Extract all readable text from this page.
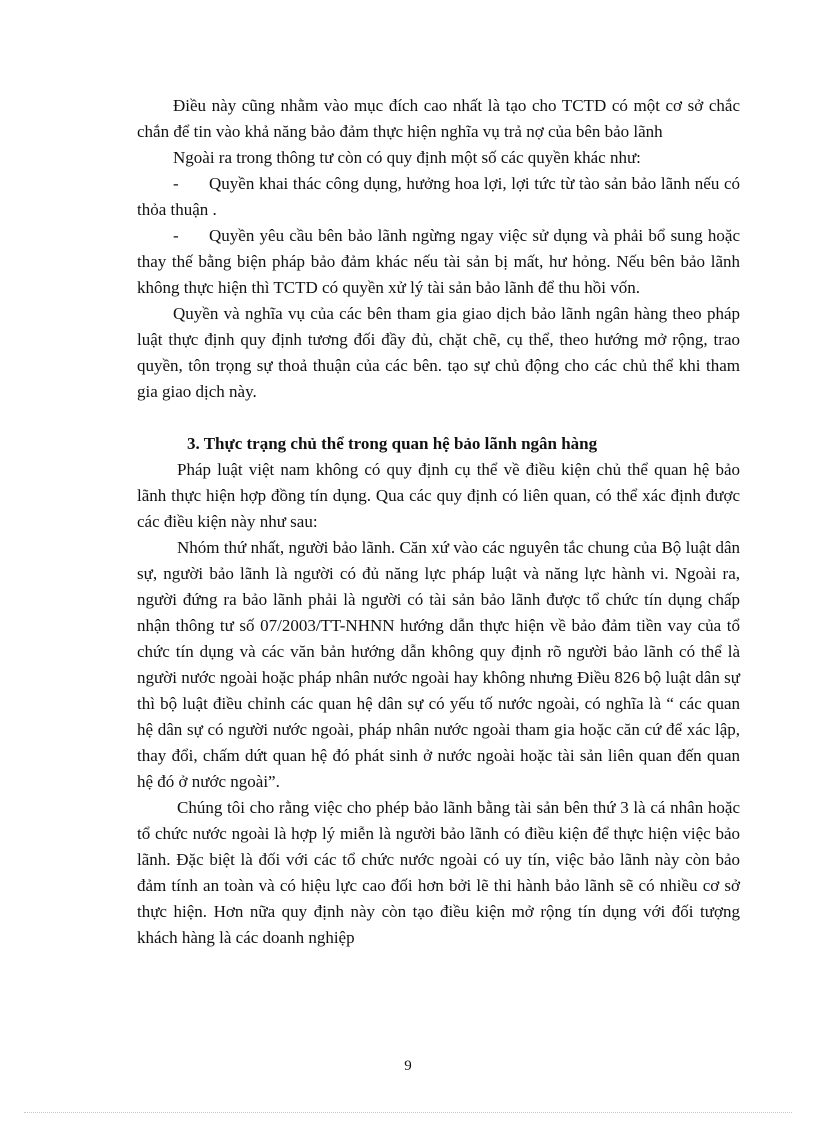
Điều này cũng nhằm vào mục đích cao nhất là tạo cho TCTD có một cơ sở chắc chắn để tin vào khả năng bảo đảm thực hiện nghĩa vụ trả nợ của bên bảo lãnh

Ngoài ra trong thông tư còn có quy định một số các quyền khác như:

- Quyền khai thác công dụng, hưởng hoa lợi, lợi tức từ tào sản bảo lãnh nếu có thỏa thuận .

- Quyền yêu cầu bên bảo lãnh ngừng ngay việc sử dụng và phải bổ sung hoặc thay thế bằng biện pháp bảo đảm khác nếu tài sản bị mất, hư hỏng. Nếu bên bảo lãnh không thực hiện thì TCTD có quyền xử lý tài sản bảo lãnh để thu hồi vốn.

Quyền và nghĩa vụ của các bên tham gia giao dịch bảo lãnh ngân hàng theo pháp luật thực định quy định tương đối đầy đủ, chặt chẽ, cụ thể, theo hướng mở rộng, trao quyền, tôn trọng sự thoả thuận của các bên. tạo sự chủ động cho các chủ thể khi tham gia giao dịch này.

3. Thực trạng chủ thể trong quan hệ bảo lãnh ngân hàng

Pháp luật việt nam không có quy định cụ thể về điều kiện chủ thể quan hệ bảo lãnh thực hiện hợp đồng tín dụng. Qua các quy định có liên quan, có thể xác định được các điều kiện này như sau:

Nhóm thứ nhất, người bảo lãnh. Căn xứ vào các nguyên tắc chung của Bộ luật dân sự, người bảo lãnh là người có đủ năng lực pháp luật và năng lực hành vi. Ngoài ra, người đứng ra bảo lãnh phải là người có tài sản bảo lãnh được tổ chức tín dụng chấp nhận thông tư số 07/2003/TT-NHNN hướng dẫn thực hiện về bảo đảm tiền vay của tổ chức tín dụng và các văn bản hướng dẫn không quy định rõ người bảo lãnh có thể là người nước ngoài hoặc pháp nhân nước ngoài hay không nhưng Điều 826 bộ luật dân sự thì bộ luật điều chỉnh các quan hệ dân sự có yếu tố nước ngoài, có nghĩa là “ các quan hệ dân sự có người nước ngoài, pháp nhân nước ngoài tham gia hoặc căn cứ để xác lập, thay đổi, chấm dứt quan hệ đó phát sinh ở nước ngoài hoặc tài sản liên quan đến quan hệ đó ở nước ngoài”.

Chúng tôi cho rằng việc cho phép bảo lãnh bằng tài sản bên thứ 3 là cá nhân hoặc tổ chức nước ngoài là hợp lý miễn là người bảo lãnh có điều kiện để thực hiện việc bảo lãnh. Đặc biệt là đối với các tổ chức nước ngoài có uy tín, việc bảo lãnh này còn bảo đảm tính an toàn và có hiệu lực cao đối hơn bởi lẽ thi hành bảo lãnh sẽ có nhiều cơ sở thực hiện. Hơn nữa quy định này còn tạo điều kiện mở rộng tín dụng với đối tượng khách hàng là các doanh nghiệp

9
